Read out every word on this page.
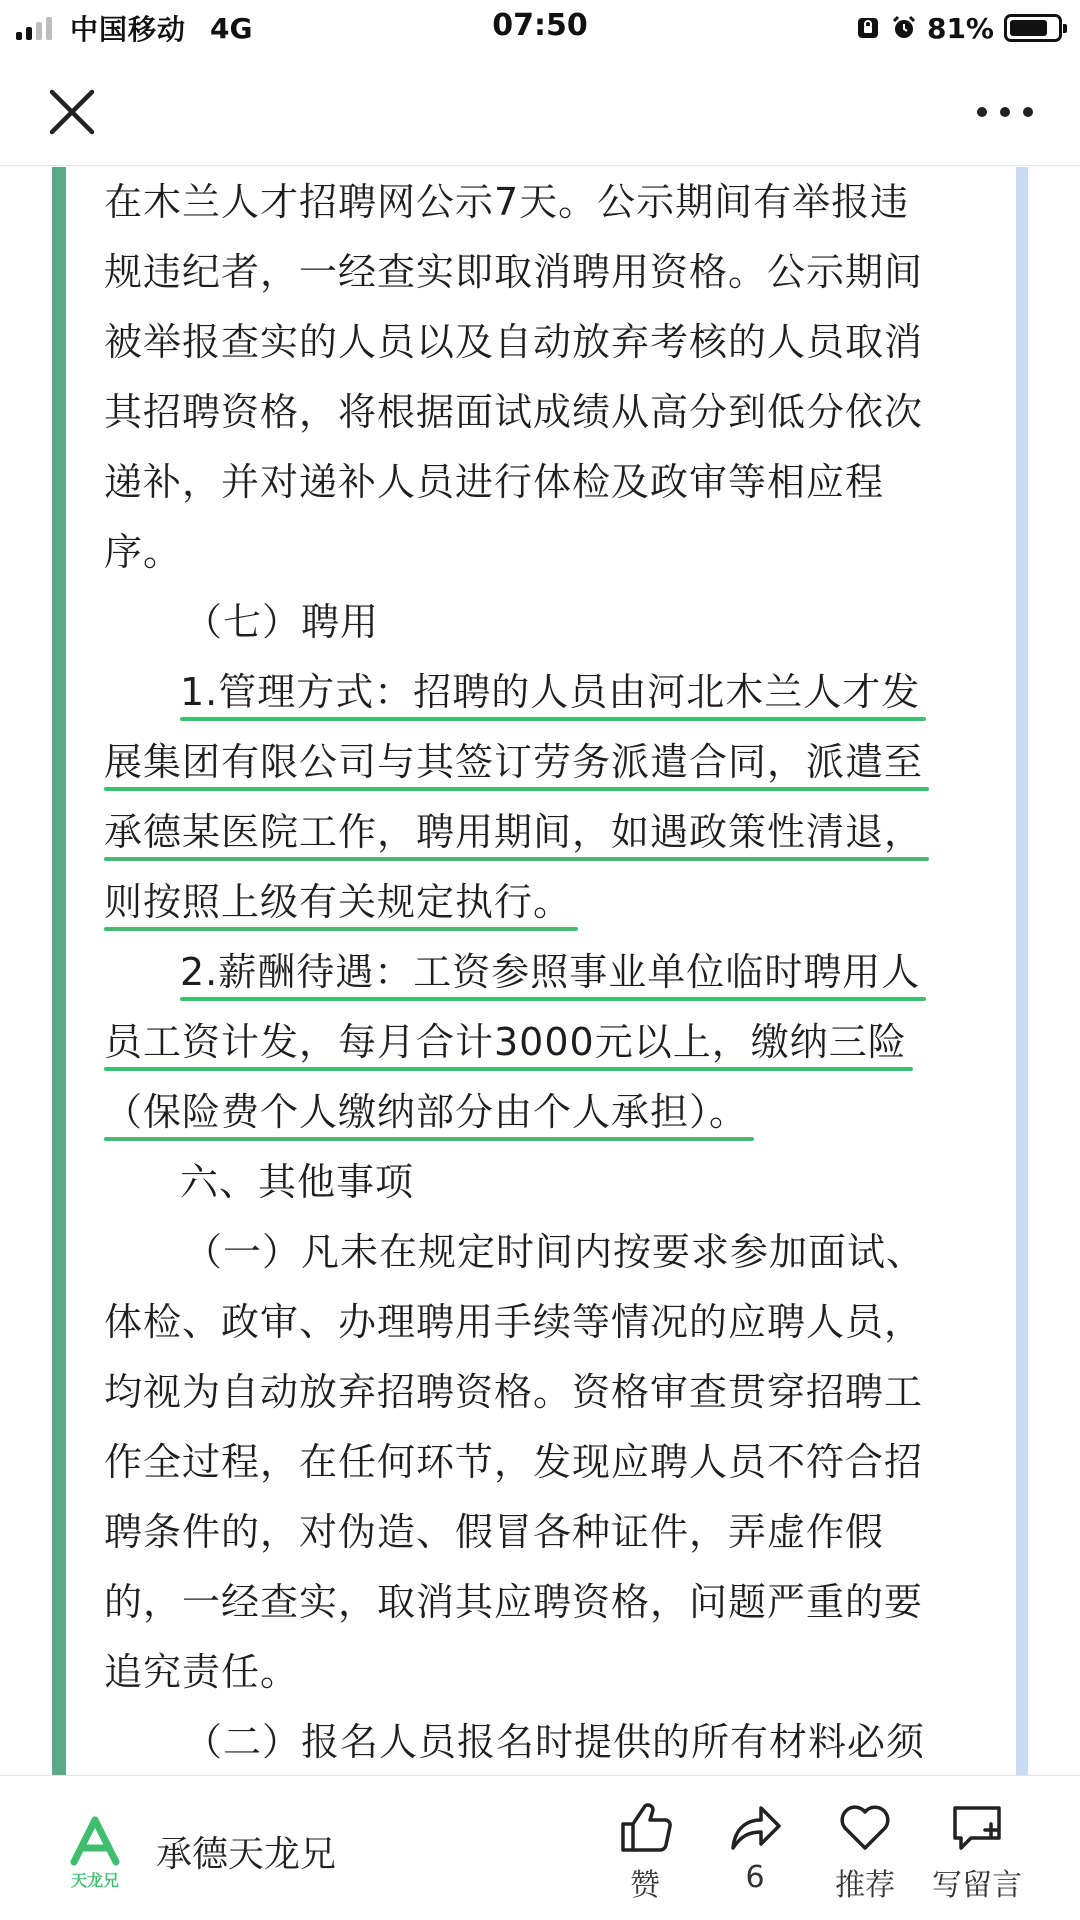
中国移动 4G	07:50	81%
在木兰人才招聘网公示7天。公示期间有举报违
规违纪者，一经查实即取消聘用资格。公示期间
被举报查实的人员以及自动放弃考核的人员取消
其招聘资格，将根据面试成绩从高分到低分依次
递补，并对递补人员进行体检及政审等相应程
序。
（七）聘用
1.管理方式：招聘的人员由河北木兰人才发
展集团有限公司与其签订劳务派遣合同，派遣至
承德某医院工作，聘用期间，如遇政策性清退，
则按照上级有关规定执行。
2.薪酬待遇：工资参照事业单位临时聘用人
员工资计发，每月合计3000元以上，缴纳三险
（保险费个人缴纳部分由个人承担）。
六、其他事项
（一）凡未在规定时间内按要求参加面试、
体检、政审、办理聘用手续等情况的应聘人员，
均视为自动放弃招聘资格。资格审查贯穿招聘工
作全过程，在任何环节，发现应聘人员不符合招
聘条件的，对伪造、假冒各种证件，弄虚作假
的，一经查实，取消其应聘资格，问题严重的要
追究责任。
（二）报名人员报名时提供的所有材料必须
天龙兄
承德天龙兄
赞	6	推荐	写留言
